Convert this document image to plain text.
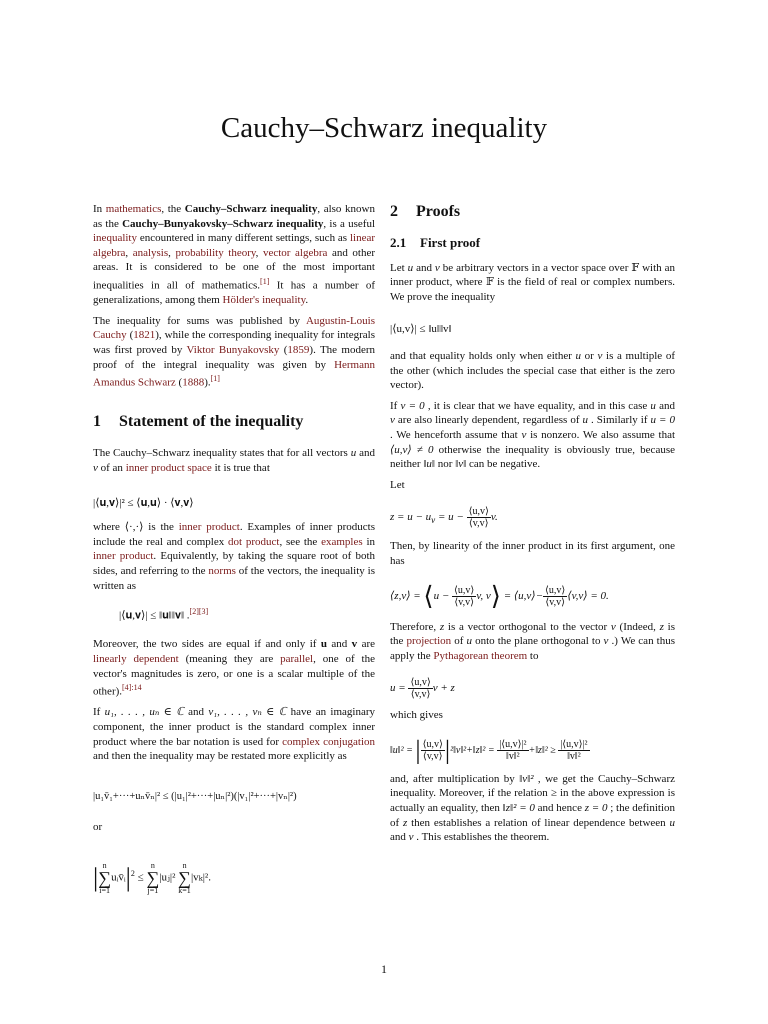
Cauchy–Schwarz inequality

In mathematics, the Cauchy–Schwarz inequality, also known as the Cauchy–Bunyakovsky–Schwarz inequality, is a useful inequality encountered in many different settings, such as linear algebra, analysis, probability theory, vector algebra and other areas. It is considered to be one of the most important inequalities in all of mathematics.[1] It has a number of generalizations, among them Hölder's inequality.

The inequality for sums was published by Augustin-Louis Cauchy (1821), while the corresponding inequality for integrals was first proved by Viktor Bunyakovsky (1859). The modern proof of the integral inequality was given by Hermann Amandus Schwarz (1888).[1]

1 Statement of the inequality

The Cauchy–Schwarz inequality states that for all vectors u and v of an inner product space it is true that

|⟨𝐮,𝐯⟩|² ≤ ⟨𝐮,𝐮⟩ · ⟨𝐯,𝐯⟩

where ⟨·,·⟩ is the inner product. Examples of inner products include the real and complex dot product, see the examples in inner product. Equivalently, by taking the square root of both sides, and referring to the norms of the vectors, the inequality is written as

|⟨𝐮,𝐯⟩| ≤ ‖𝐮‖‖𝐯‖ .[2][3]

Moreover, the two sides are equal if and only if u and v are linearly dependent (meaning they are parallel, one of the vector's magnitudes is zero, or one is a scalar multiple of the other).$^{[4]:14}$

If u₁, . . . , uₙ ∈ ℂ and v₁, . . . , vₙ ∈ ℂ have an imaginary component, the inner product is the standard complex inner product where the bar notation is used for complex conjugation and then the inequality may be restated more explicitly as

|u₁v̄₁+···+uₙv̄ₙ|² ≤ (|u₁|²+···+|uₙ|²)(|v₁|²+···+|vₙ|²)

or

| n
∑
$i=1uᵢv̄ᵢ|^2 \le n$
∑
j=1|uⱼ|² n
∑
k=1|vₖ|².
2 Proofs
2.1 First proof

Let u and v be arbitrary vectors in a vector space over 𝔽 with an inner product, where 𝔽 is the field of real or complex numbers. We prove the inequality

|⟨u,v⟩| ≤ ‖u‖‖v‖

and that equality holds only when either u or v is a multiple of the other (which includes the special case that either is the zero vector).

If v = 0 , it is clear that we have equality, and in this case u and v are also linearly dependent, regardless of u . Similarly if u = 0 . We henceforth assume that v is nonzero. We also assume that ⟨u,v⟩ ≠ 0 otherwise the inequality is obviously true, because neither ‖u‖ nor ‖v‖ can be negative.

Let

$z = u - u_v = u - \frac{⟨u,v⟩}{⟨v,v⟩} v$.

Then, by linearity of the inner product in its first argument, one has

⟨z,v⟩ = ⟨u − $\frac{⟨u,v⟩}{⟨v,v⟩} v$, v⟩ = ⟨u,v⟩− $\frac{⟨u,v⟩}{⟨v,v⟩}$ ⟨v,v⟩ = 0.

Therefore, z is a vector orthogonal to the vector v (Indeed, z is the projection of u onto the plane orthogonal to v .) We can thus apply the Pythagorean theorem to

$u = \frac{⟨u,v⟩}{⟨v,v⟩}$ v + z

which gives

‖u‖² = | $\frac{⟨u,v⟩}{⟨v,v⟩}$ |²‖v‖²+‖z‖² = $\frac{\text{|⟨u,v⟩|²}}{\text{‖v‖²}}$ +‖z‖² ≥ $\frac{\text{|⟨u,v⟩|²}}{\text{‖v‖²}}$

and, after multiplication by ‖v‖² , we get the Cauchy–Schwarz inequality. Moreover, if the relation ≥ in the above expression is actually an equality, then ‖z‖² = 0 and hence z = 0 ; the definition of z then establishes a relation of linear dependence between u and v . This establishes the theorem.

1
